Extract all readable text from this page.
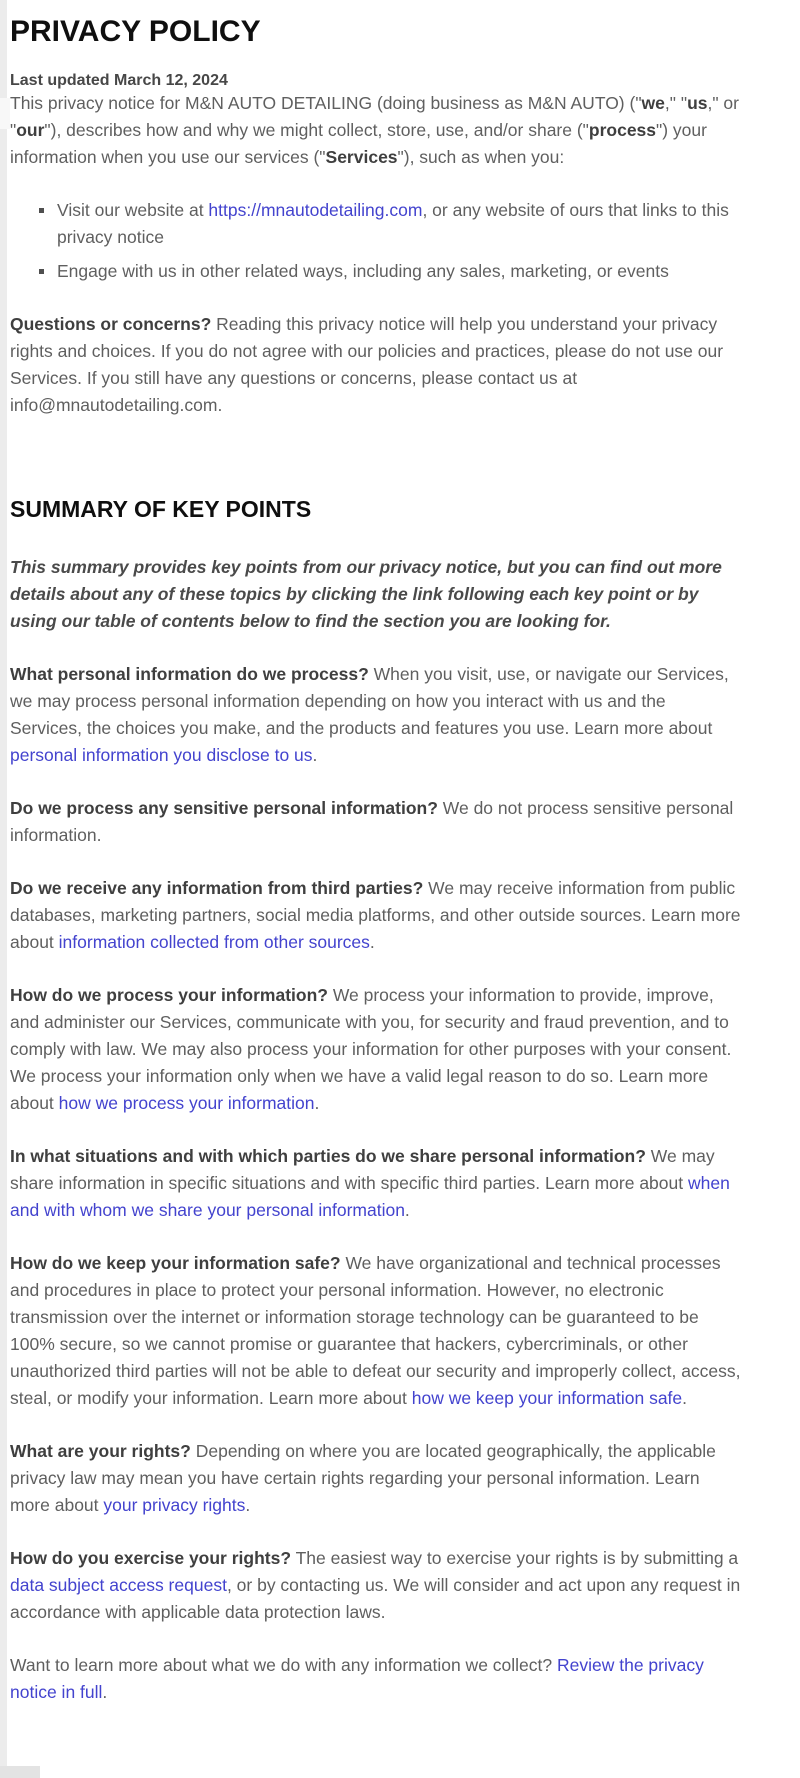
PRIVACY POLICY

Last updated March 12, 2024

This privacy notice for M&N AUTO DETAILING (doing business as M&N AUTO) ("we," "us," or "our"), describes how and why we might collect, store, use, and/or share ("process") your information when you use our services ("Services"), such as when you:

Visit our website at https://mnautodetailing.com, or any website of ours that links to this privacy notice
Engage with us in other related ways, including any sales, marketing, or events

Questions or concerns? Reading this privacy notice will help you understand your privacy rights and choices. If you do not agree with our policies and practices, please do not use our Services. If you still have any questions or concerns, please contact us at info@mnautodetailing.com.

SUMMARY OF KEY POINTS

This summary provides key points from our privacy notice, but you can find out more details about any of these topics by clicking the link following each key point or by using our table of contents below to find the section you are looking for.

What personal information do we process? When you visit, use, or navigate our Services, we may process personal information depending on how you interact with us and the Services, the choices you make, and the products and features you use. Learn more about personal information you disclose to us.

Do we process any sensitive personal information? We do not process sensitive personal information.

Do we receive any information from third parties? We may receive information from public databases, marketing partners, social media platforms, and other outside sources. Learn more about information collected from other sources.

How do we process your information? We process your information to provide, improve, and administer our Services, communicate with you, for security and fraud prevention, and to comply with law. We may also process your information for other purposes with your consent. We process your information only when we have a valid legal reason to do so. Learn more about how we process your information.

In what situations and with which parties do we share personal information? We may share information in specific situations and with specific third parties. Learn more about when and with whom we share your personal information.

How do we keep your information safe? We have organizational and technical processes and procedures in place to protect your personal information. However, no electronic transmission over the internet or information storage technology can be guaranteed to be 100% secure, so we cannot promise or guarantee that hackers, cybercriminals, or other unauthorized third parties will not be able to defeat our security and improperly collect, access, steal, or modify your information. Learn more about how we keep your information safe.

What are your rights? Depending on where you are located geographically, the applicable privacy law may mean you have certain rights regarding your personal information. Learn more about your privacy rights.

How do you exercise your rights? The easiest way to exercise your rights is by submitting a data subject access request, or by contacting us. We will consider and act upon any request in accordance with applicable data protection laws.

Want to learn more about what we do with any information we collect? Review the privacy notice in full.
